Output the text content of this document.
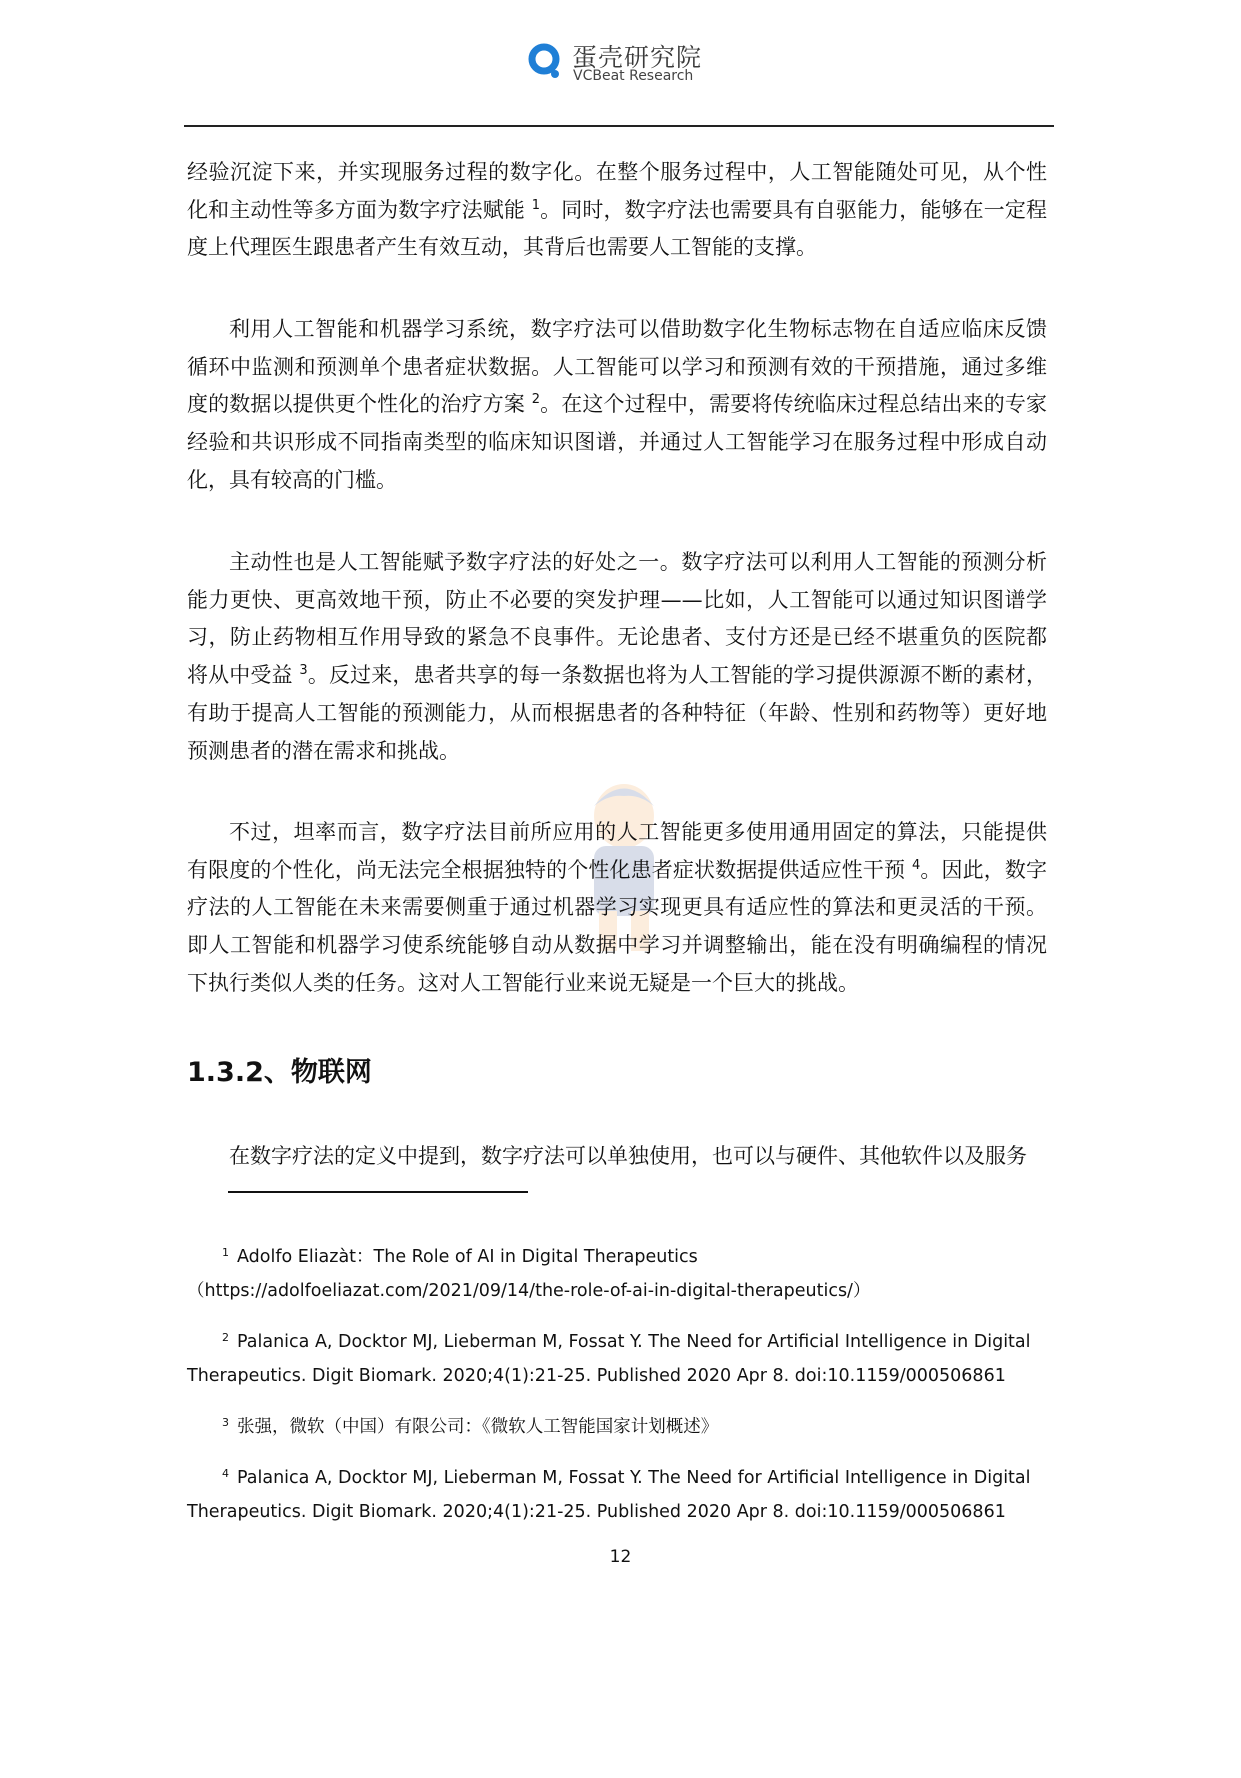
蛋壳研究院
VCBeat Research

经验沉淀下来，并实现服务过程的数字化。在整个服务过程中，人工智能随处可见，从个性化和主动性等多方面为数字疗法赋能 $^1$。同时，数字疗法也需要具有自驱能力，能够在一定程度上代理医生跟患者产生有效互动，其背后也需要人工智能的支撑。

利用人工智能和机器学习系统，数字疗法可以借助数字化生物标志物在自适应临床反馈循环中监测和预测单个患者症状数据。人工智能可以学习和预测有效的干预措施，通过多维度的数据以提供更个性化的治疗方案 $^2$。在这个过程中，需要将传统临床过程总结出来的专家经验和共识形成不同指南类型的临床知识图谱，并通过人工智能学习在服务过程中形成自动化，具有较高的门槛。

主动性也是人工智能赋予数字疗法的好处之一。数字疗法可以利用人工智能的预测分析能力更快、更高效地干预，防止不必要的突发护理——比如，人工智能可以通过知识图谱学习，防止药物相互作用导致的紧急不良事件。无论患者、支付方还是已经不堪重负的医院都将从中受益 $^3$。反过来，患者共享的每一条数据也将为人工智能的学习提供源源不断的素材，有助于提高人工智能的预测能力，从而根据患者的各种特征（年龄、性别和药物等）更好地预测患者的潜在需求和挑战。

不过，坦率而言，数字疗法目前所应用的人工智能更多使用通用固定的算法，只能提供有限度的个性化，尚无法完全根据独特的个性化患者症状数据提供适应性干预 $^4$。因此，数字疗法的人工智能在未来需要侧重于通过机器学习实现更具有适应性的算法和更灵活的干预。即人工智能和机器学习使系统能够自动从数据中学习并调整输出，能在没有明确编程的情况下执行类似人类的任务。这对人工智能行业来说无疑是一个巨大的挑战。

1.3.2、物联网

在数字疗法的定义中提到，数字疗法可以单独使用，也可以与硬件、其他软件以及服务

$^1$ Adolfo Eliazàt：The Role of AI in Digital Therapeutics （https://adolfoeliazat.com/2021/09/14/the-role-of-ai-in-digital-therapeutics/）

$^2$ Palanica A, Docktor MJ, Lieberman M, Fossat Y. The Need for Artificial Intelligence in Digital Therapeutics. Digit Biomark. 2020;4(1):21-25. Published 2020 Apr 8. doi:10.1159/000506861

$^3$ 张强，微软（中国）有限公司：《微软人工智能国家计划概述》

$^4$ Palanica A, Docktor MJ, Lieberman M, Fossat Y. The Need for Artificial Intelligence in Digital Therapeutics. Digit Biomark. 2020;4(1):21-25. Published 2020 Apr 8. doi:10.1159/000506861

12
